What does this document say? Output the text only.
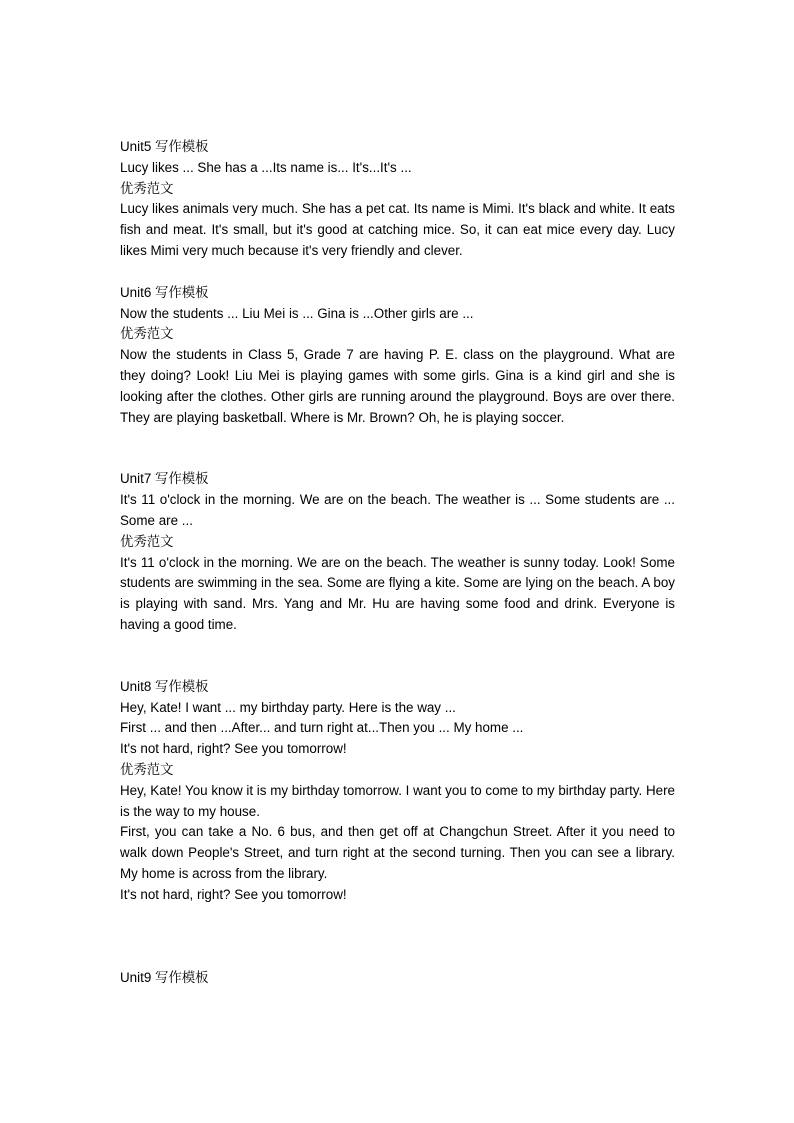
Unit5 写作模板
Lucy likes ... She has a ...Its name is... It's...It's ...
优秀范文
Lucy likes animals very much. She has a pet cat. Its name is Mimi. It's black and white. It eats fish and meat. It's small, but it's good at catching mice. So, it can eat mice every day. Lucy likes Mimi very much because it's very friendly and clever.
Unit6 写作模板
Now the students ... Liu Mei is ... Gina is ...Other girls are ...
优秀范文
Now the students in Class 5, Grade 7 are having P. E. class on the playground. What are they doing? Look! Liu Mei is playing games with some girls. Gina is a kind girl and she is looking after the clothes. Other girls are running around the playground. Boys are over there. They are playing basketball. Where is Mr. Brown? Oh, he is playing soccer.
Unit7 写作模板
It's 11 o'clock in the morning. We are on the beach. The weather is ... Some students are ... Some are ...
优秀范文
It's 11 o'clock in the morning. We are on the beach. The weather is sunny today. Look! Some students are swimming in the sea. Some are flying a kite. Some are lying on the beach. A boy is playing with sand. Mrs. Yang and Mr. Hu are having some food and drink. Everyone is having a good time.
Unit8 写作模板
Hey, Kate! I want ... my birthday party. Here is the way ...
First ... and then ...After... and turn right at...Then you ... My home ...
It's not hard, right? See you tomorrow!
优秀范文
Hey, Kate! You know it is my birthday tomorrow. I want you to come to my birthday party. Here is the way to my house.
First, you can take a No. 6 bus, and then get off at Changchun Street. After it you need to walk down People's Street, and turn right at the second turning. Then you can see a library. My home is across from the library.
It's not hard, right? See you tomorrow!
Unit9 写作模板
